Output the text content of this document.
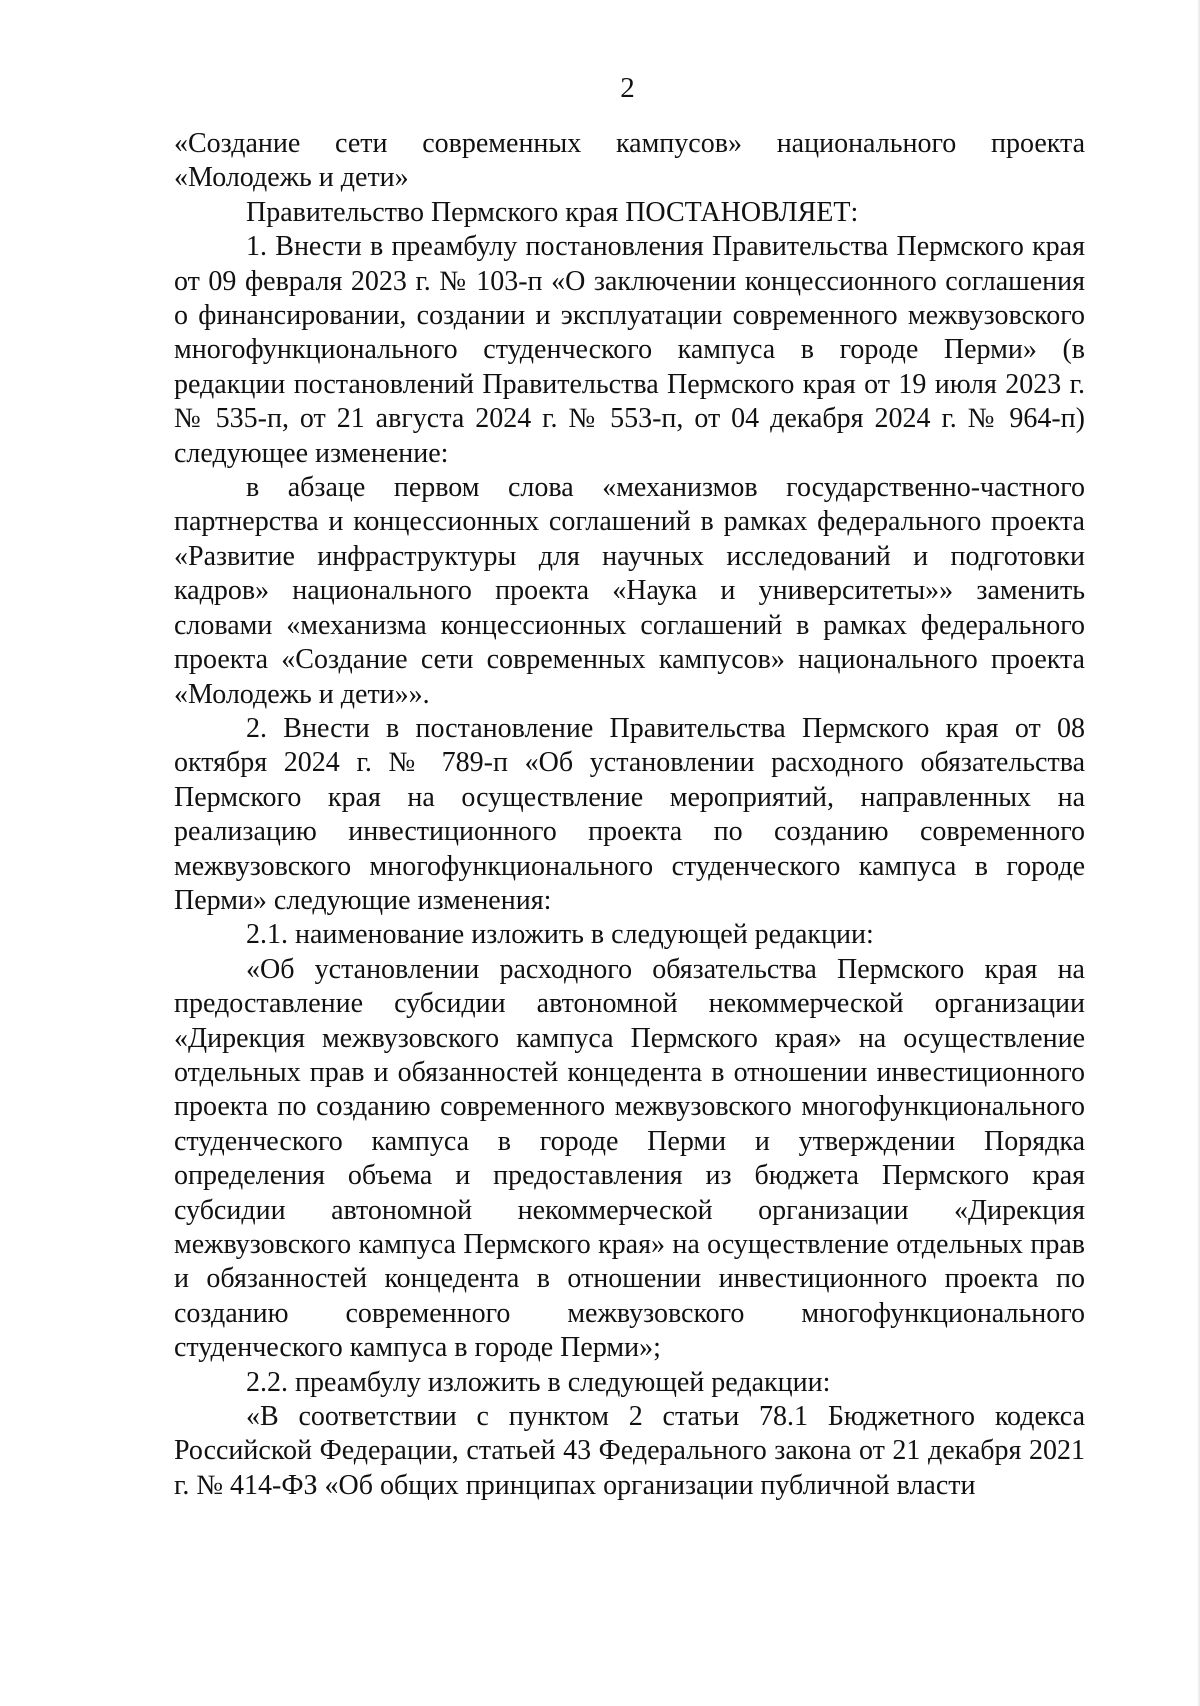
2

«Создание сети современных кампусов» национального проекта «Молодежь и дети»

Правительство Пермского края ПОСТАНОВЛЯЕТ:

1. Внести в преамбулу постановления Правительства Пермского края от 09 февраля 2023 г. № 103-п «О заключении концессионного соглашения о финансировании, создании и эксплуатации современного межвузовского многофункционального студенческого кампуса в городе Перми» (в редакции постановлений Правительства Пермского края от 19 июля 2023 г. № 535-п, от 21 августа 2024 г. № 553-п, от 04 декабря 2024 г. № 964-п) следующее изменение:

в абзаце первом слова «механизмов государственно-частного партнерства и концессионных соглашений в рамках федерального проекта «Развитие инфраструктуры для научных исследований и подготовки кадров» национального проекта «Наука и университеты»» заменить словами «механизма концессионных соглашений в рамках федерального проекта «Создание сети современных кампусов» национального проекта «Молодежь и дети»».

2. Внести в постановление Правительства Пермского края от 08 октября 2024 г. № 789-п «Об установлении расходного обязательства Пермского края на осуществление мероприятий, направленных на реализацию инвестиционного проекта по созданию современного межвузовского многофункционального студенческого кампуса в городе Перми» следующие изменения:

2.1. наименование изложить в следующей редакции:

«Об установлении расходного обязательства Пермского края на предоставление субсидии автономной некоммерческой организации «Дирекция межвузовского кампуса Пермского края» на осуществление отдельных прав и обязанностей концедента в отношении инвестиционного проекта по созданию современного межвузовского многофункционального студенческого кампуса в городе Перми и утверждении Порядка определения объема и предоставления из бюджета Пермского края субсидии автономной некоммерческой организации «Дирекция межвузовского кампуса Пермского края» на осуществление отдельных прав и обязанностей концедента в отношении инвестиционного проекта по созданию современного межвузовского многофункционального студенческого кампуса в городе Перми»;

2.2. преамбулу изложить в следующей редакции:

«В соответствии с пунктом 2 статьи 78.1 Бюджетного кодекса Российской Федерации, статьей 43 Федерального закона от 21 декабря 2021 г. № 414-ФЗ «Об общих принципах организации публичной власти
